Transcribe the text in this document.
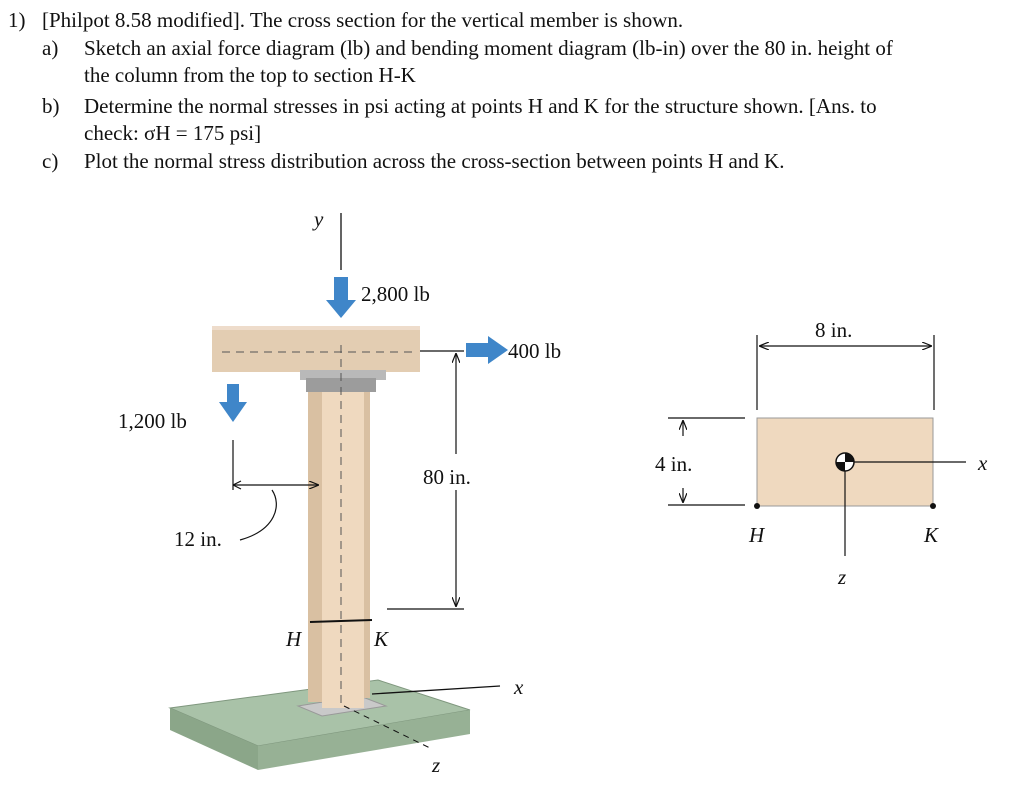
1) [Philpot 8.58 modified]. The cross section for the vertical member is shown.
a) Sketch an axial force diagram (lb) and bending moment diagram (lb-in) over the 80 in. height of
the column from the top to section H-K
b) Determine the normal stresses in psi acting at points H and K for the structure shown. [Ans. to
check: σH = 175 psi]
c) Plot the normal stress distribution across the cross-section between points H and K.
y
2,800 lb
400 lb
1,200 lb
12 in.
80 in.
H	K
x
z
8 in.
4 in.	x
z
H	K
